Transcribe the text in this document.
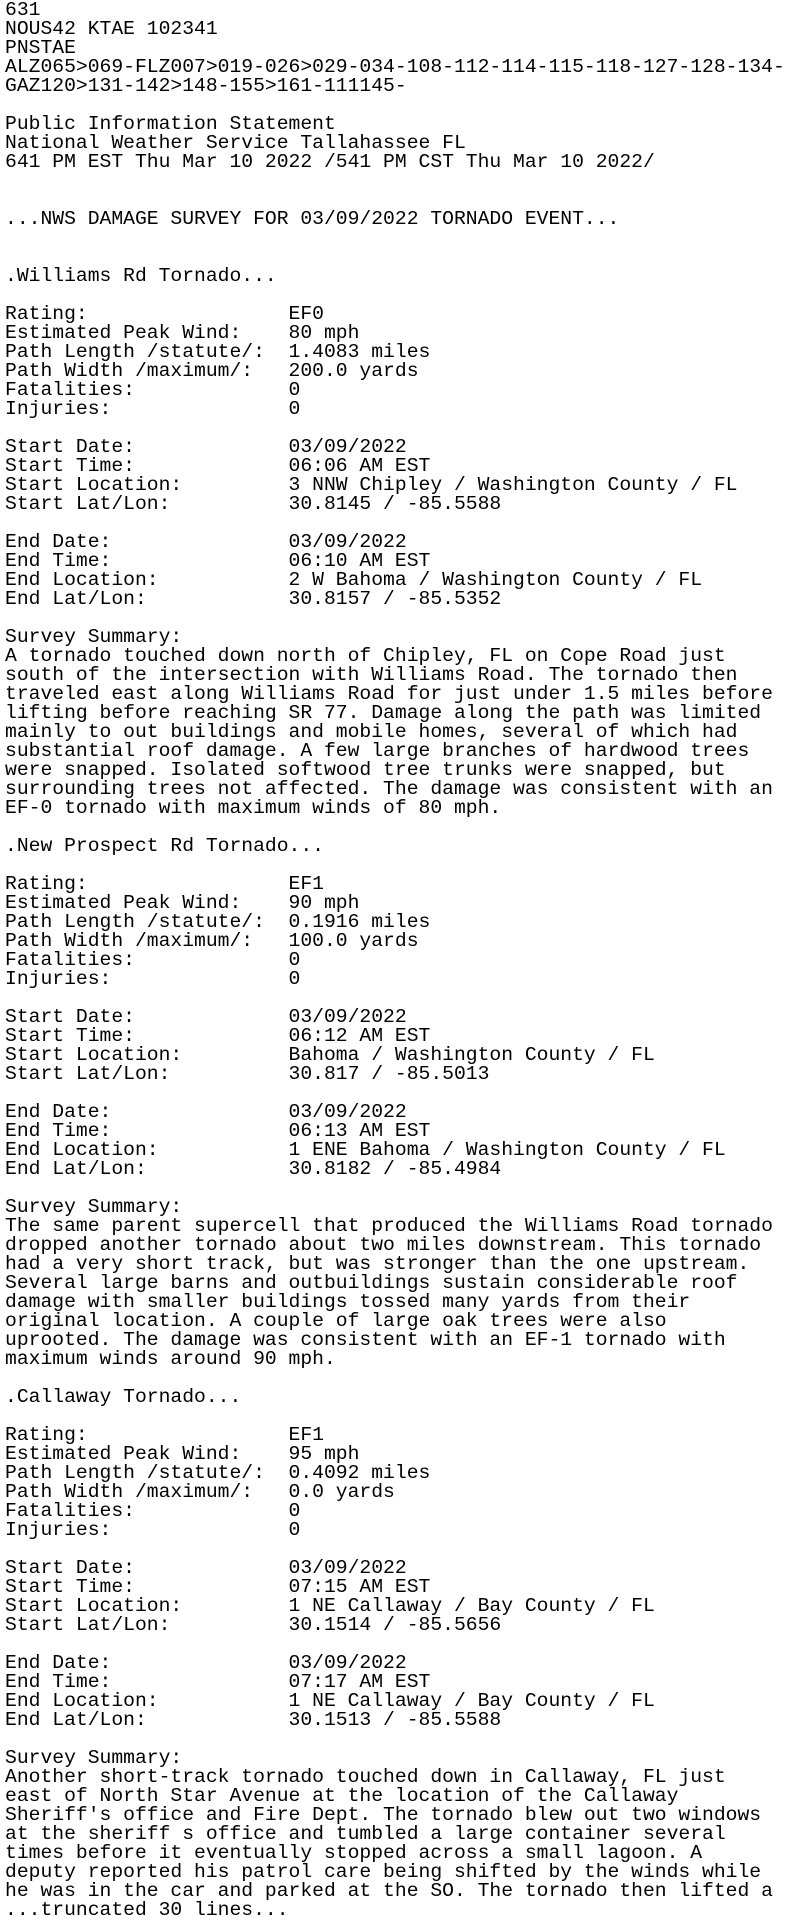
631
NOUS42 KTAE 102341
PNSTAE
ALZ065>069-FLZ007>019-026>029-034-108-112-114-115-118-127-128-134-
GAZ120>131-142>148-155>161-111145-
Public Information Statement
National Weather Service Tallahassee FL
641 PM EST Thu Mar 10 2022 /541 PM CST Thu Mar 10 2022/
...NWS DAMAGE SURVEY FOR 03/09/2022 TORNADO EVENT...
.Williams Rd Tornado...
Rating:                 EF0
Estimated Peak Wind:    80 mph
Path Length /statute/:  1.4083 miles
Path Width /maximum/:   200.0 yards
Fatalities:             0
Injuries:               0
Start Date:             03/09/2022
Start Time:             06:06 AM EST
Start Location:         3 NNW Chipley / Washington County / FL
Start Lat/Lon:          30.8145 / -85.5588
End Date:               03/09/2022
End Time:               06:10 AM EST
End Location:           2 W Bahoma / Washington County / FL
End Lat/Lon:            30.8157 / -85.5352
Survey Summary:
A tornado touched down north of Chipley, FL on Cope Road just
south of the intersection with Williams Road. The tornado then
traveled east along Williams Road for just under 1.5 miles before
lifting before reaching SR 77. Damage along the path was limited
mainly to out buildings and mobile homes, several of which had
substantial roof damage. A few large branches of hardwood trees
were snapped. Isolated softwood tree trunks were snapped, but
surrounding trees not affected. The damage was consistent with an
EF-0 tornado with maximum winds of 80 mph.
.New Prospect Rd Tornado...
Rating:                 EF1
Estimated Peak Wind:    90 mph
Path Length /statute/:  0.1916 miles
Path Width /maximum/:   100.0 yards
Fatalities:             0
Injuries:               0
Start Date:             03/09/2022
Start Time:             06:12 AM EST
Start Location:         Bahoma / Washington County / FL
Start Lat/Lon:          30.817 / -85.5013
End Date:               03/09/2022
End Time:               06:13 AM EST
End Location:           1 ENE Bahoma / Washington County / FL
End Lat/Lon:            30.8182 / -85.4984
Survey Summary:
The same parent supercell that produced the Williams Road tornado
dropped another tornado about two miles downstream. This tornado
had a very short track, but was stronger than the one upstream.
Several large barns and outbuildings sustain considerable roof
damage with smaller buildings tossed many yards from their
original location. A couple of large oak trees were also
uprooted. The damage was consistent with an EF-1 tornado with
maximum winds around 90 mph.
.Callaway Tornado...
Rating:                 EF1
Estimated Peak Wind:    95 mph
Path Length /statute/:  0.4092 miles
Path Width /maximum/:   0.0 yards
Fatalities:             0
Injuries:               0
Start Date:             03/09/2022
Start Time:             07:15 AM EST
Start Location:         1 NE Callaway / Bay County / FL
Start Lat/Lon:          30.1514 / -85.5656
End Date:               03/09/2022
End Time:               07:17 AM EST
End Location:           1 NE Callaway / Bay County / FL
End Lat/Lon:            30.1513 / -85.5588
Survey Summary:
Another short-track tornado touched down in Callaway, FL just
east of North Star Avenue at the location of the Callaway
Sheriff's office and Fire Dept. The tornado blew out two windows
at the sheriff s office and tumbled a large container several
times before it eventually stopped across a small lagoon. A
deputy reported his patrol care being shifted by the winds while
he was in the car and parked at the SO. The tornado then lifted a
...truncated 30 lines...
